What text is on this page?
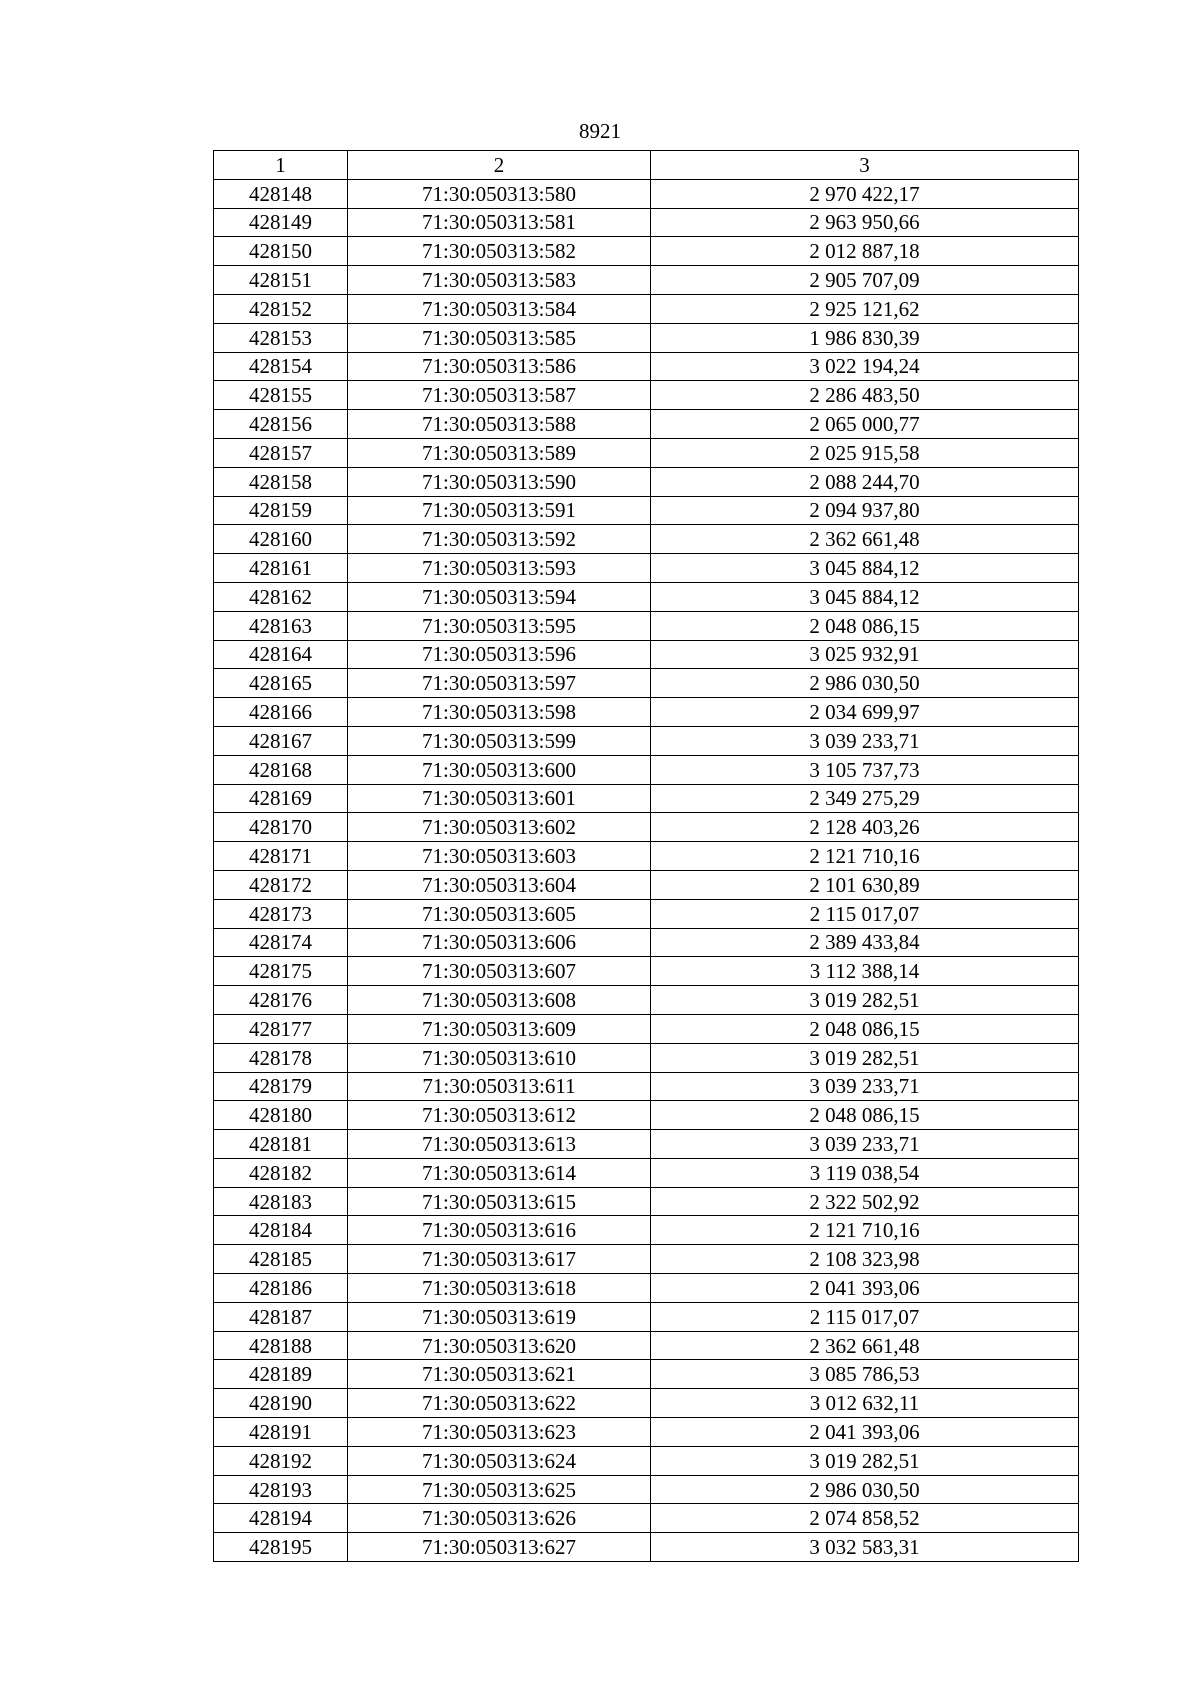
8921
1	2	3
428148	71:30:050313:580	2 970 422,17
428149	71:30:050313:581	2 963 950,66
428150	71:30:050313:582	2 012 887,18
428151	71:30:050313:583	2 905 707,09
428152	71:30:050313:584	2 925 121,62
428153	71:30:050313:585	1 986 830,39
428154	71:30:050313:586	3 022 194,24
428155	71:30:050313:587	2 286 483,50
428156	71:30:050313:588	2 065 000,77
428157	71:30:050313:589	2 025 915,58
428158	71:30:050313:590	2 088 244,70
428159	71:30:050313:591	2 094 937,80
428160	71:30:050313:592	2 362 661,48
428161	71:30:050313:593	3 045 884,12
428162	71:30:050313:594	3 045 884,12
428163	71:30:050313:595	2 048 086,15
428164	71:30:050313:596	3 025 932,91
428165	71:30:050313:597	2 986 030,50
428166	71:30:050313:598	2 034 699,97
428167	71:30:050313:599	3 039 233,71
428168	71:30:050313:600	3 105 737,73
428169	71:30:050313:601	2 349 275,29
428170	71:30:050313:602	2 128 403,26
428171	71:30:050313:603	2 121 710,16
428172	71:30:050313:604	2 101 630,89
428173	71:30:050313:605	2 115 017,07
428174	71:30:050313:606	2 389 433,84
428175	71:30:050313:607	3 112 388,14
428176	71:30:050313:608	3 019 282,51
428177	71:30:050313:609	2 048 086,15
428178	71:30:050313:610	3 019 282,51
428179	71:30:050313:611	3 039 233,71
428180	71:30:050313:612	2 048 086,15
428181	71:30:050313:613	3 039 233,71
428182	71:30:050313:614	3 119 038,54
428183	71:30:050313:615	2 322 502,92
428184	71:30:050313:616	2 121 710,16
428185	71:30:050313:617	2 108 323,98
428186	71:30:050313:618	2 041 393,06
428187	71:30:050313:619	2 115 017,07
428188	71:30:050313:620	2 362 661,48
428189	71:30:050313:621	3 085 786,53
428190	71:30:050313:622	3 012 632,11
428191	71:30:050313:623	2 041 393,06
428192	71:30:050313:624	3 019 282,51
428193	71:30:050313:625	2 986 030,50
428194	71:30:050313:626	2 074 858,52
428195	71:30:050313:627	3 032 583,31
